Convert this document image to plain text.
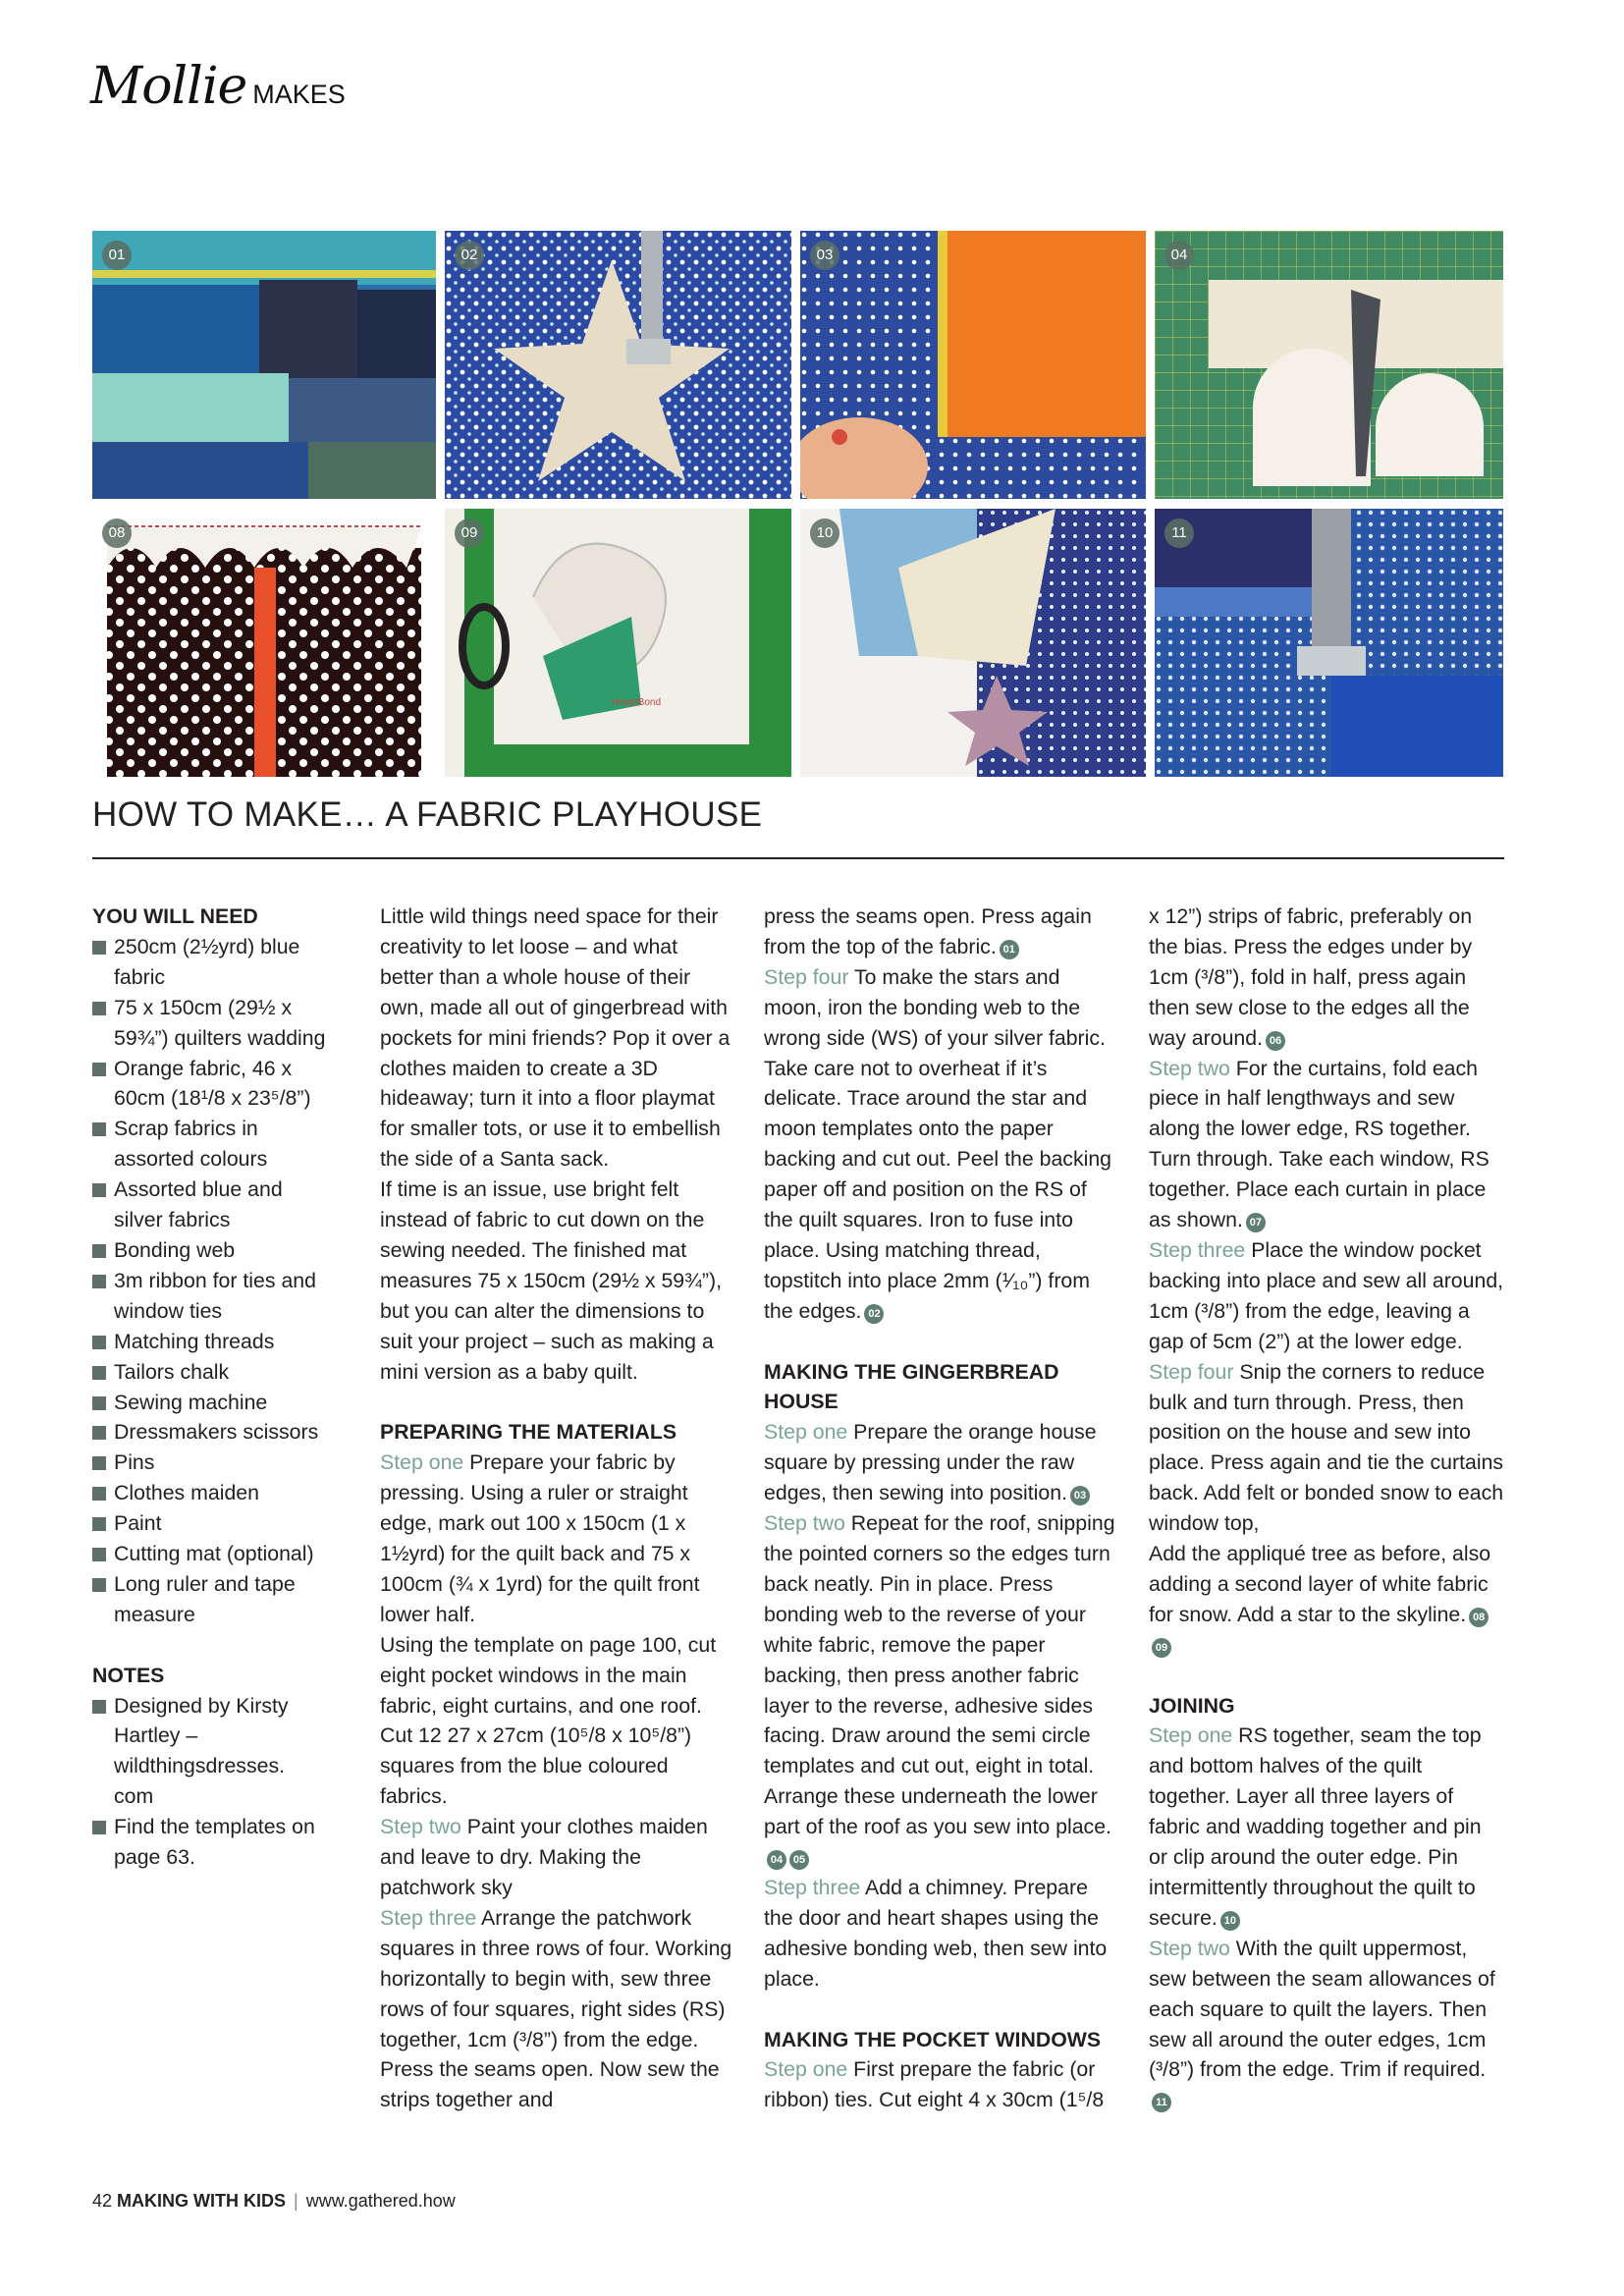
Mollie MAKES
01	02	03	04
08
HeatnBond
09	10	11
HOW TO MAKE… A FABRIC PLAYHOUSE

YOU WILL NEED

250cm (2½yrd) blue fabric
75 x 150cm (29½ x 59¾”) quilters wadding
Orange fabric, 46 x 60cm (18¹/8 x 23⁵/8”)
Scrap fabrics in assorted colours
Assorted blue and silver fabrics
Bonding web
3m ribbon for ties and window ties
Matching threads
Tailors chalk
Sewing machine
Dressmakers scissors
Pins
Clothes maiden
Paint
Cutting mat (optional)
Long ruler and tape measure

NOTES

Designed by Kirsty Hartley – wildthingsdresses. com
Find the templates on page 63.

Little wild things need space for their creativity to let loose – and what better than a whole house of their own, made all out of gingerbread with pockets for mini friends? Pop it over a clothes maiden to create a 3D hideaway; turn it into a floor playmat for smaller tots, or use it to embellish the side of a Santa sack.

If time is an issue, use bright felt instead of fabric to cut down on the sewing needed. The finished mat measures 75 x 150cm (29½ x 59¾”), but you can alter the dimensions to suit your project – such as making a mini version as a baby quilt.

PREPARING THE MATERIALS

Step one Prepare your fabric by pressing. Using a ruler or straight edge, mark out 100 x 150cm (1 x 1½yrd) for the quilt back and 75 x 100cm (¾ x 1yrd) for the quilt front lower half.

Using the template on page 100, cut eight pocket windows in the main fabric, eight curtains, and one roof. Cut 12 27 x 27cm (10⁵/8 x 10⁵/8”) squares from the blue coloured fabrics.

Step two Paint your clothes maiden and leave to dry. Making the patchwork sky

Step three Arrange the patchwork squares in three rows of four. Working horizontally to begin with, sew three rows of four squares, right sides (RS) together, 1cm (³/8”) from the edge. Press the seams open. Now sew the strips together and

press the seams open. Press again from the top of the fabric. 01

Step four To make the stars and moon, iron the bonding web to the wrong side (WS) of your silver fabric. Take care not to overheat if it’s delicate. Trace around the star and moon templates onto the paper backing and cut out. Peel the backing paper off and position on the RS of the quilt squares. Iron to fuse into place. Using matching thread, topstitch into place 2mm (¹⁄₁₀”) from the edges. 02

MAKING THE GINGERBREAD HOUSE

Step one Prepare the orange house square by pressing under the raw edges, then sewing into position. 03

Step two Repeat for the roof, snipping the pointed corners so the edges turn back neatly. Pin in place. Press bonding web to the reverse of your white fabric, remove the paper backing, then press another fabric layer to the reverse, adhesive sides facing. Draw around the semi circle templates and cut out, eight in total. Arrange these underneath the lower part of the roof as you sew into place.04 05

Step three Add a chimney. Prepare the door and heart shapes using the adhesive bonding web, then sew into place.

MAKING THE POCKET WINDOWS

Step one First prepare the fabric (or ribbon) ties. Cut eight 4 x 30cm (1⁵/8

x 12”) strips of fabric, preferably on the bias. Press the edges under by 1cm (³/8”), fold in half, press again then sew close to the edges all the way around. 06

Step two For the curtains, fold each piece in half lengthways and sew along the lower edge, RS together. Turn through. Take each window, RS together. Place each curtain in place as shown. 07

Step three Place the window pocket backing into place and sew all around, 1cm (³/8”) from the edge, leaving a gap of 5cm (2”) at the lower edge.

Step four Snip the corners to reduce bulk and turn through. Press, then position on the house and sew into place. Press again and tie the curtains back. Add felt or bonded snow to each window top,

Add the appliqué tree as before, also adding a second layer of white fabric for snow. Add a star to the skyline. 0809

JOINING

Step one RS together, seam the top and bottom halves of the quilt together. Layer all three layers of fabric and wadding together and pin or clip around the outer edge. Pin intermittently throughout the quilt to secure. 10

Step two With the quilt uppermost, sew between the seam allowances of each square to quilt the layers. Then sew all around the outer edges, 1cm (³/8”) from the edge. Trim if required.11

42 MAKING WITH KIDS | www.gathered.how
